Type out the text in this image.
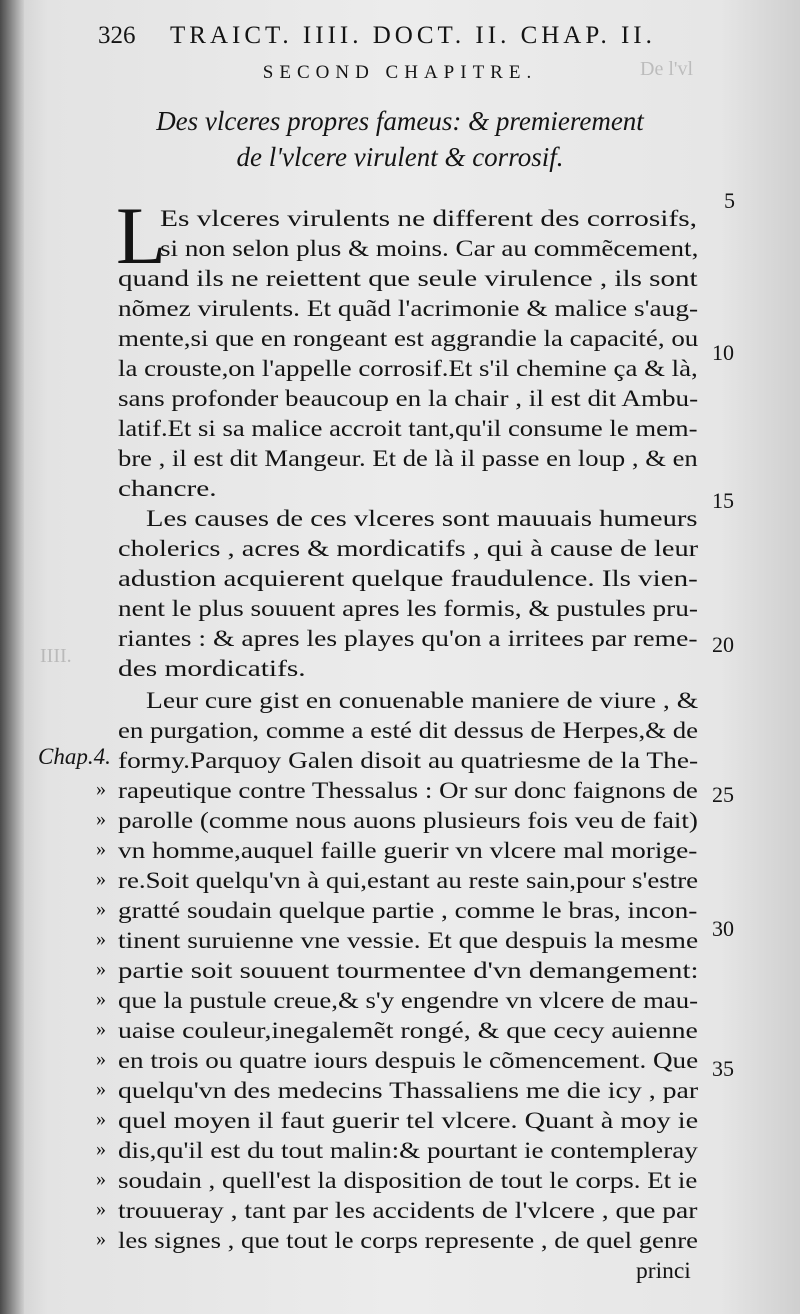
De l'vl
IIII.
326 TRAICT. IIII. DOCT. II. CHAP. II.
SECOND CHAPITRE.
Des vlceres propres fameus: & premierement
de l'vlcere virulent & corrosif.
L
Chap.4.
Es vlceres virulents ne different des corrosifs,
si non selon plus & moins. Car au commẽcement,
quand ils ne reiettent que seule virulence , ils sont
nõmez virulents. Et quãd l'acrimonie & malice s'aug-
mente,si que en rongeant est aggrandie la capacité, ou
la crouste,on l'appelle corrosif.Et s'il chemine ça & là,
sans profonder beaucoup en la chair , il est dit Ambu-
latif.Et si sa malice accroit tant,qu'il consume le mem-
bre , il est dit Mangeur. Et de là il passe en loup , & en
chancre.
Les causes de ces vlceres sont mauuais humeurs
cholerics , acres & mordicatifs , qui à cause de leur
adustion acquierent quelque fraudulence. Ils vien-
nent le plus souuent apres les formis, & pustules pru-
riantes : & apres les playes qu'on a irritees par reme-
des mordicatifs.
Leur cure gist en conuenable maniere de viure , &
en purgation, comme a esté dit dessus de Herpes,& de
formy.Parquoy Galen disoit au quatriesme de la The-
rapeutique contre Thessalus : Or sur donc faignons de
»
parolle (comme nous auons plusieurs fois veu de fait)
»
vn homme,auquel faille guerir vn vlcere mal morige-
»
re.Soit quelqu'vn à qui,estant au reste sain,pour s'estre
»
gratté soudain quelque partie , comme le bras, incon-
»
tinent suruienne vne vessie. Et que despuis la mesme
»
partie soit souuent tourmentee d'vn demangement:
»
que la pustule creue,& s'y engendre vn vlcere de mau-
»
uaise couleur,inegalemẽt rongé, & que cecy auienne
»
en trois ou quatre iours despuis le cõmencement. Que
»
quelqu'vn des medecins Thassaliens me die icy , par
»
quel moyen il faut guerir tel vlcere. Quant à moy ie
»
dis,qu'il est du tout malin:& pourtant ie contempleray
»
soudain , quell'est la disposition de tout le corps. Et ie
»
trouueray , tant par les accidents de l'vlcere , que par
»
les signes , que tout le corps represente , de quel genre
»
princi
5
10
15
20
25
30
35
